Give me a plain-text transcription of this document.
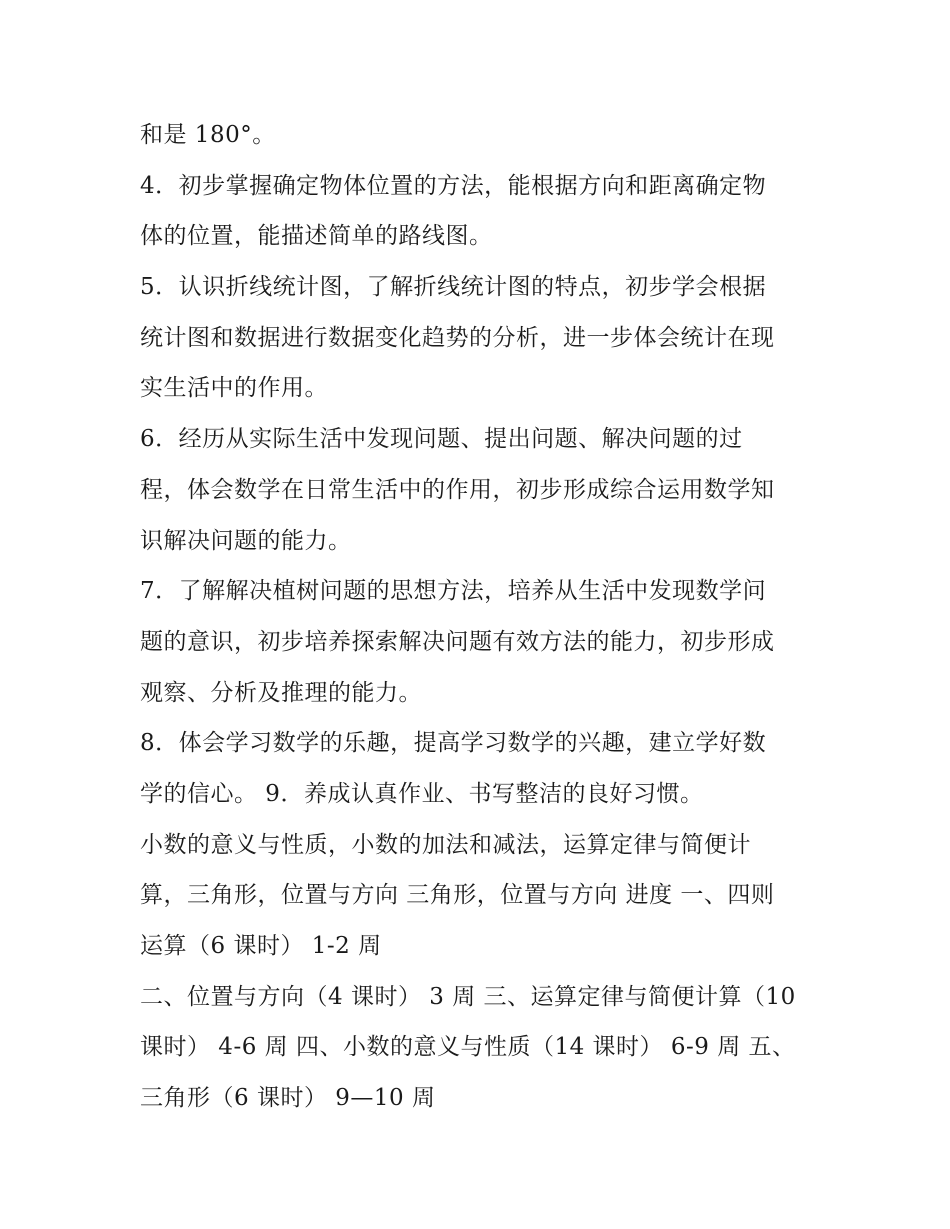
和是 180°。
4．初步掌握确定物体位置的方法，能根据方向和距离确定物
体的位置，能描述简单的路线图。
5．认识折线统计图，了解折线统计图的特点，初步学会根据
统计图和数据进行数据变化趋势的分析，进一步体会统计在现
实生活中的作用。
6．经历从实际生活中发现问题、提出问题、解决问题的过
程，体会数学在日常生活中的作用，初步形成综合运用数学知
识解决问题的能力。
7．了解解决植树问题的思想方法，培养从生活中发现数学问
题的意识，初步培养探索解决问题有效方法的能力，初步形成
观察、分析及推理的能力。
8．体会学习数学的乐趣，提高学习数学的兴趣，建立学好数
学的信心。 9．养成认真作业、书写整洁的良好习惯。
小数的意义与性质，小数的加法和减法，运算定律与简便计
算，三角形，位置与方向 三角形，位置与方向 进度 一、四则
运算（6 课时） 1-2 周
二、位置与方向（4 课时） 3 周 三、运算定律与简便计算（10
课时） 4-6 周 四、小数的意义与性质（14 课时） 6-9 周 五、
三角形（6 课时） 9—10 周
